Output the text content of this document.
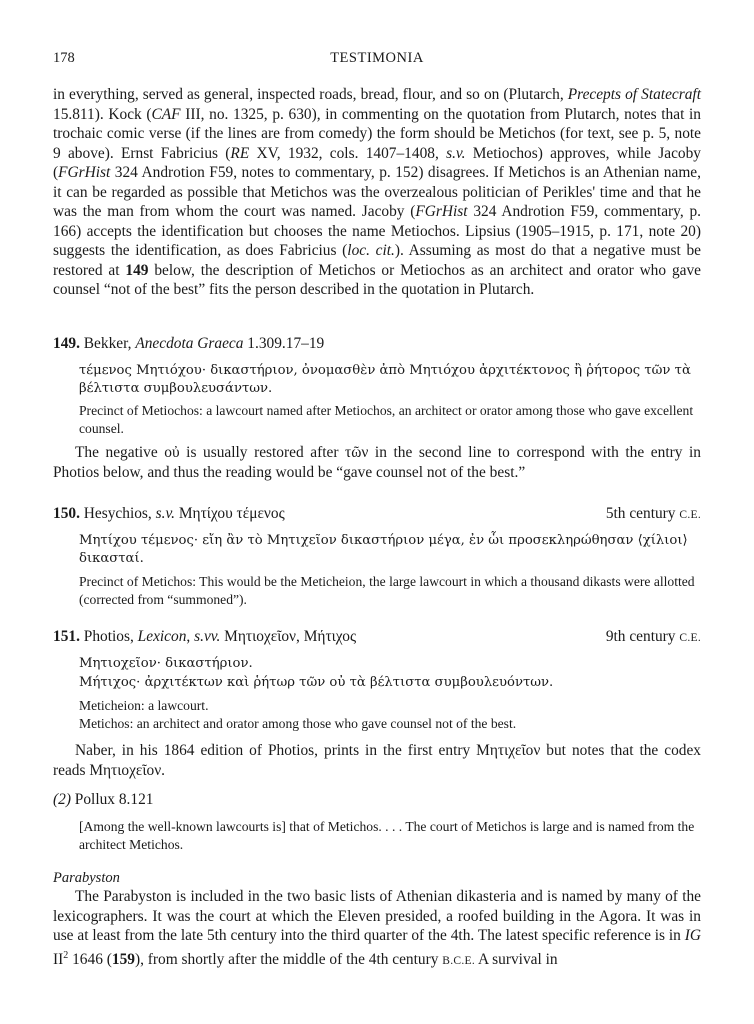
178	TESTIMONIA

in everything, served as general, inspected roads, bread, flour, and so on (Plutarch, Precepts of Statecraft 15.811). Kock (CAF III, no. 1325, p. 630), in commenting on the quotation from Plutarch, notes that in trochaic comic verse (if the lines are from comedy) the form should be Metichos (for text, see p. 5, note 9 above). Ernst Fabricius (RE XV, 1932, cols. 1407–1408, s.v. Metiochos) approves, while Jacoby (FGrHist 324 Androtion F59, notes to commentary, p. 152) disagrees. If Metichos is an Athenian name, it can be regarded as possible that Metichos was the overzealous politician of Perikles' time and that he was the man from whom the court was named. Jacoby (FGrHist 324 Androtion F59, commentary, p. 166) accepts the identification but chooses the name Metiochos. Lipsius (1905–1915, p. 171, note 20) suggests the identification, as does Fabricius (loc. cit.). Assuming as most do that a negative must be restored at 149 below, the description of Metichos or Metiochos as an architect and orator who gave counsel “not of the best” fits the person described in the quotation in Plutarch.

149. Bekker, Anecdota Graeca 1.309.17–19

τέμενος Μητιόχου· δικαστήριον, ὀνομασθὲν ἀπὸ Μητιόχου ἀρχιτέκτονος ἢ ῥήτορος τῶν τὰ βέλτιστα συμβουλευσάντων.

Precinct of Metiochos: a lawcourt named after Metiochos, an architect or orator among those who gave excellent counsel.

The negative οὐ is usually restored after τῶν in the second line to correspond with the entry in Photios below, and thus the reading would be “gave counsel not of the best.”

150. Hesychios, s.v. Μητίχου τέμενος	5th century C.E.

Μητίχου τέμενος· εἴη ἂν τὸ Μητιχεῖον δικαστήριον μέγα, ἐν ὧι προσεκληρώθησαν ⟨χίλιοι⟩ δικασταί.

Precinct of Metichos: This would be the Meticheion, the large lawcourt in which a thousand dikasts were allotted (corrected from “summoned”).

151. Photios, Lexicon, s.vv. Μητιοχεῖον, Μήτιχος	9th century C.E.

Μητιοχεῖον· δικαστήριον.

Μήτιχος· ἀρχιτέκτων καὶ ῥήτωρ τῶν οὐ τὰ βέλτιστα συμβουλευόντων.

Meticheion: a lawcourt.

Metichos: an architect and orator among those who gave counsel not of the best.

Naber, in his 1864 edition of Photios, prints in the first entry Μητιχεῖον but notes that the codex reads Μητιοχεῖον.

(2) Pollux 8.121

[Among the well-known lawcourts is] that of Metichos. . . . The court of Metichos is large and is named from the architect Metichos.

Parabyston

The Parabyston is included in the two basic lists of Athenian dikasteria and is named by many of the lexicographers. It was the court at which the Eleven presided, a roofed building in the Agora. It was in use at least from the late 5th century into the third quarter of the 4th. The latest specific reference is in IG $II^2$ 1646 (159), from shortly after the middle of the 4th century B.C.E. A survival in
